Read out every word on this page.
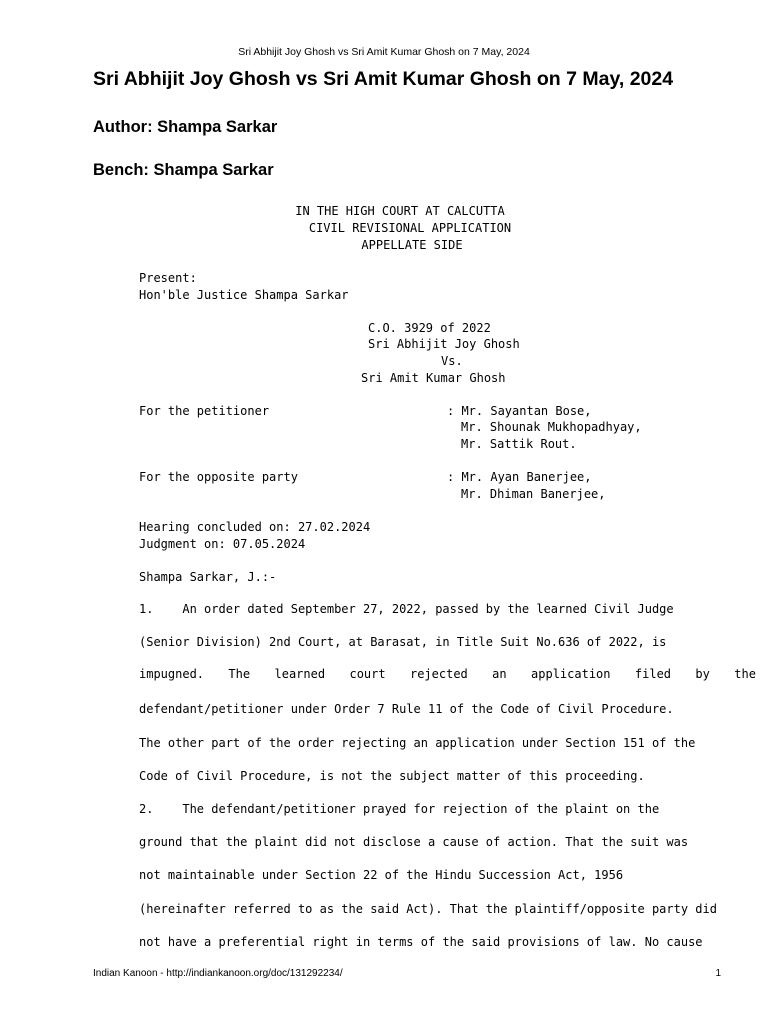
Sri Abhijit Joy Ghosh vs Sri Amit Kumar Ghosh on 7 May, 2024
Sri Abhijit Joy Ghosh vs Sri Amit Kumar Ghosh on 7 May, 2024
Author: Shampa Sarkar
Bench: Shampa Sarkar
IN THE HIGH COURT AT CALCUTTA
CIVIL REVISIONAL APPLICATION
APPELLATE SIDE
Present:
Hon'ble Justice Shampa Sarkar
C.O. 3929 of 2022
Sri Abhijit Joy Ghosh
Vs.
Sri Amit Kumar Ghosh
For the petitioner	: Mr. Sayantan Bose,
Mr. Shounak Mukhopadhyay,
Mr. Sattik Rout.
For the opposite party	: Mr. Ayan Banerjee,
Mr. Dhiman Banerjee,
Hearing concluded on: 27.02.2024
Judgment on: 07.05.2024
Shampa Sarkar, J.:-
1.    An order dated September 27, 2022, passed by the learned Civil Judge
(Senior Division) 2nd Court, at Barasat, in Title Suit No.636 of 2022, is
impugned. The learned court rejected an application filed by the
defendant/petitioner under Order 7 Rule 11 of the Code of Civil Procedure.
The other part of the order rejecting an application under Section 151 of the
Code of Civil Procedure, is not the subject matter of this proceeding.
2.    The defendant/petitioner prayed for rejection of the plaint on the
ground that the plaint did not disclose a cause of action. That the suit was
not maintainable under Section 22 of the Hindu Succession Act, 1956
(hereinafter referred to as the said Act). That the plaintiff/opposite party did
not have a preferential right in terms of the said provisions of law. No cause
Indian Kanoon - http://indiankanoon.org/doc/131292234/	1
